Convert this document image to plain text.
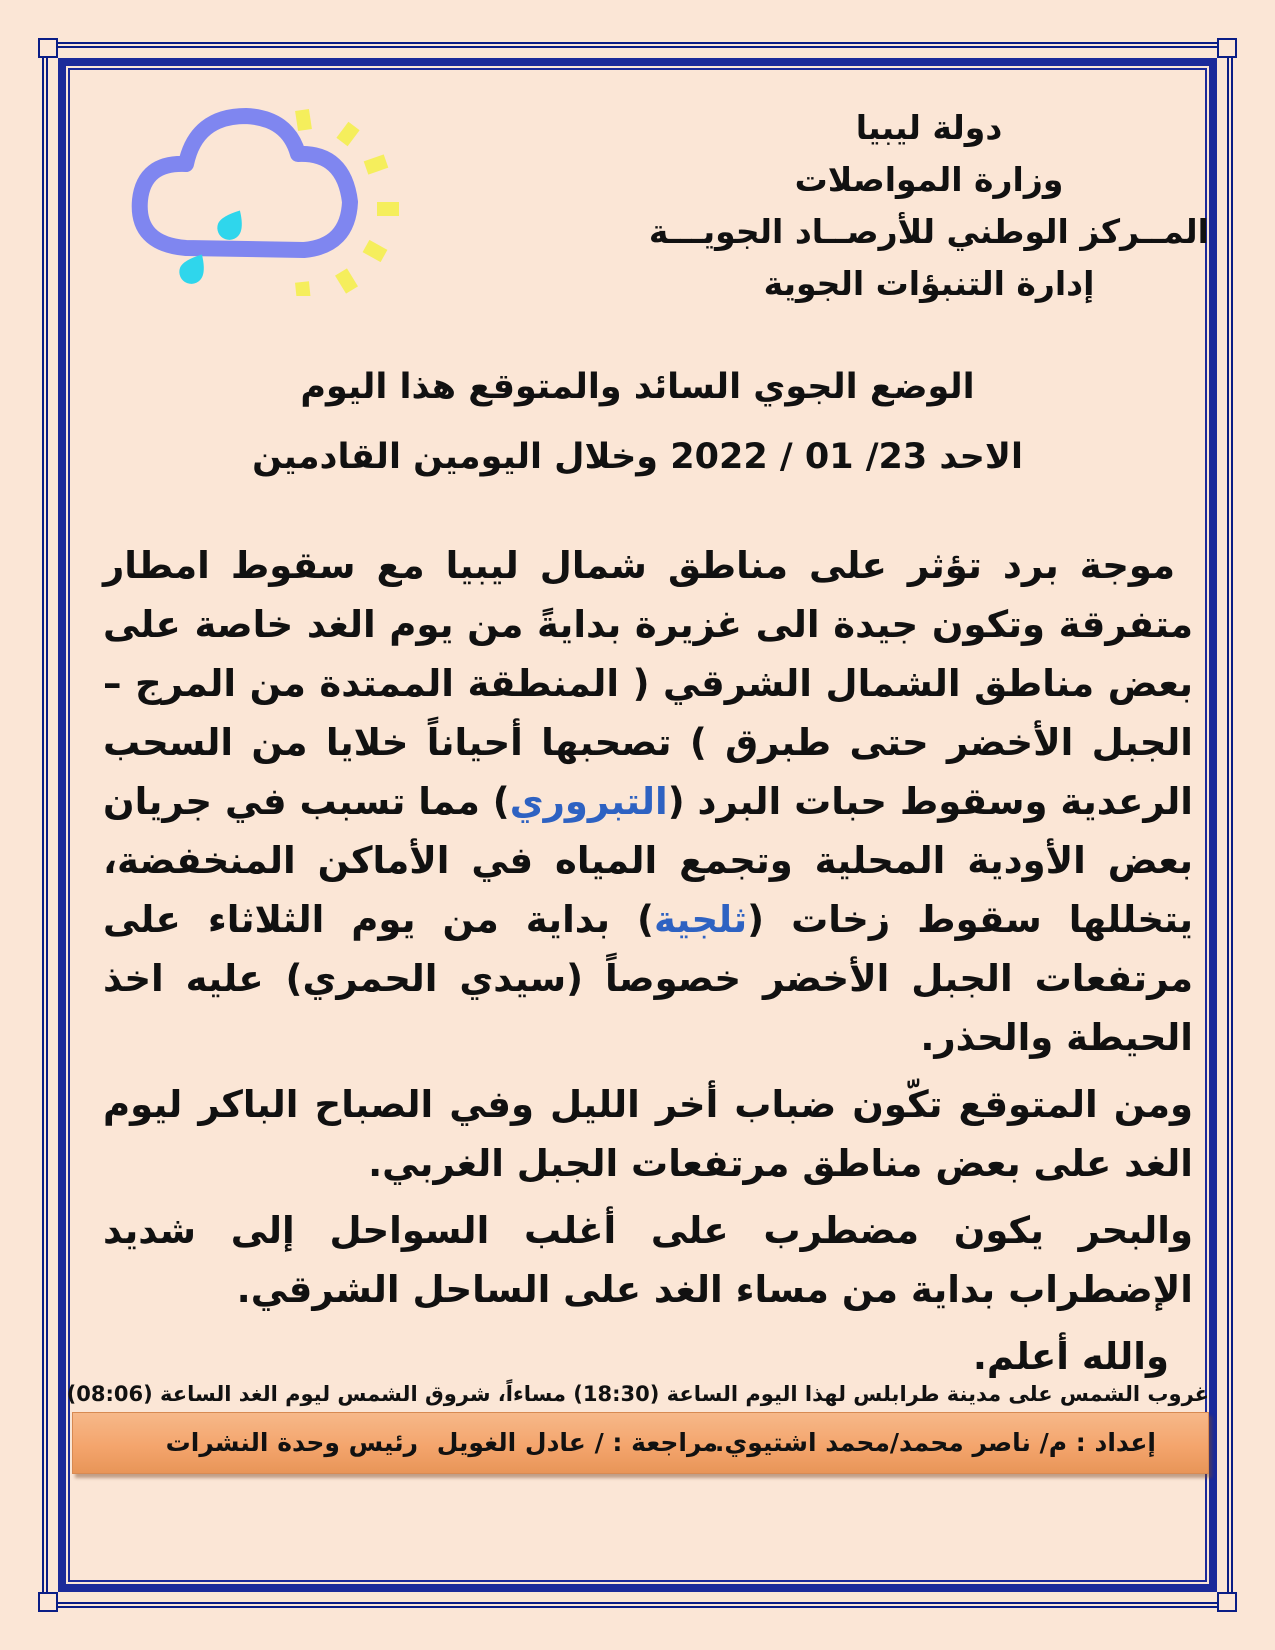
دولة ليبيا
وزارة المواصلات
المــركز الوطني للأرصــاد الجويـــة
إدارة التنبؤات الجوية
الوضع الجوي السائد والمتوقع هذا اليوم
الاحد 23/ 01 / 2022 وخلال اليومين القادمين

موجة برد تؤثر على مناطق شمال ليبيا مع سقوط امطار متفرقة وتكون جيدة الى غزيرة بدايةً من يوم الغد خاصة على بعض مناطق الشمال الشرقي ( المنطقة الممتدة من المرج – الجبل الأخضر حتى طبرق ) تصحبها أحياناً خلايا من السحب الرعدية وسقوط حبات البرد (التبروري) مما تسبب في جريان بعض الأودية المحلية وتجمع المياه في الأماكن المنخفضة، يتخللها سقوط زخات (ثلجية) بداية من يوم الثلاثاء على مرتفعات الجبل الأخضر خصوصاً (سيدي الحمري) عليه اخذ الحيطة والحذر.

ومن المتوقع تكّون ضباب أخر الليل وفي الصباح الباكر ليوم الغد على بعض مناطق مرتفعات الجبل الغربي.

والبحر يكون مضطرب على أغلب السواحل إلى شديد الإضطراب بداية من مساء الغد على الساحل الشرقي.

والله أعلم.

غروب الشمس على مدينة طرابلس لهذا اليوم الساعة (18:30) مساءاً، شروق الشمس ليوم الغد الساعة (08:06)
إعداد : م/ ناصر محمد/محمد اشتيوي.
مراجعة : / عادل الغويل
رئيس وحدة النشرات
